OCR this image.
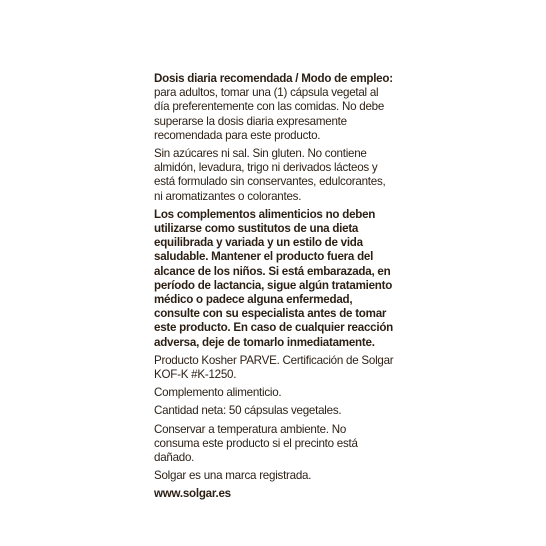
Dosis diaria recomendada / Modo de empleo:
para adultos, tomar una (1) cápsula vegetal al día preferentemente con las comidas. No debe superarse la dosis diaria expresamente recomendada para este producto.

Sin azúcares ni sal. Sin gluten. No contiene almidón, levadura, trigo ni derivados lácteos y está formulado sin conservantes, edulcorantes, ni aromatizantes o colorantes.

Los complementos alimenticios no deben utilizarse como sustitutos de una dieta equilibrada y variada y un estilo de vida saludable. Mantener el producto fuera del alcance de los niños. Si está embarazada, en período de lactancia, sigue algún tratamiento médico o padece alguna enfermedad, consulte con su especialista antes de tomar este producto. En caso de cualquier reacción adversa, deje de tomarlo inmediatamente.

Producto Kosher PARVE. Certificación de Solgar KOF-K #K-1250.

Complemento alimenticio.

Cantidad neta: 50 cápsulas vegetales.

Conservar a temperatura ambiente. No consuma este producto si el precinto está dañado.

Solgar es una marca registrada.

www.solgar.es
